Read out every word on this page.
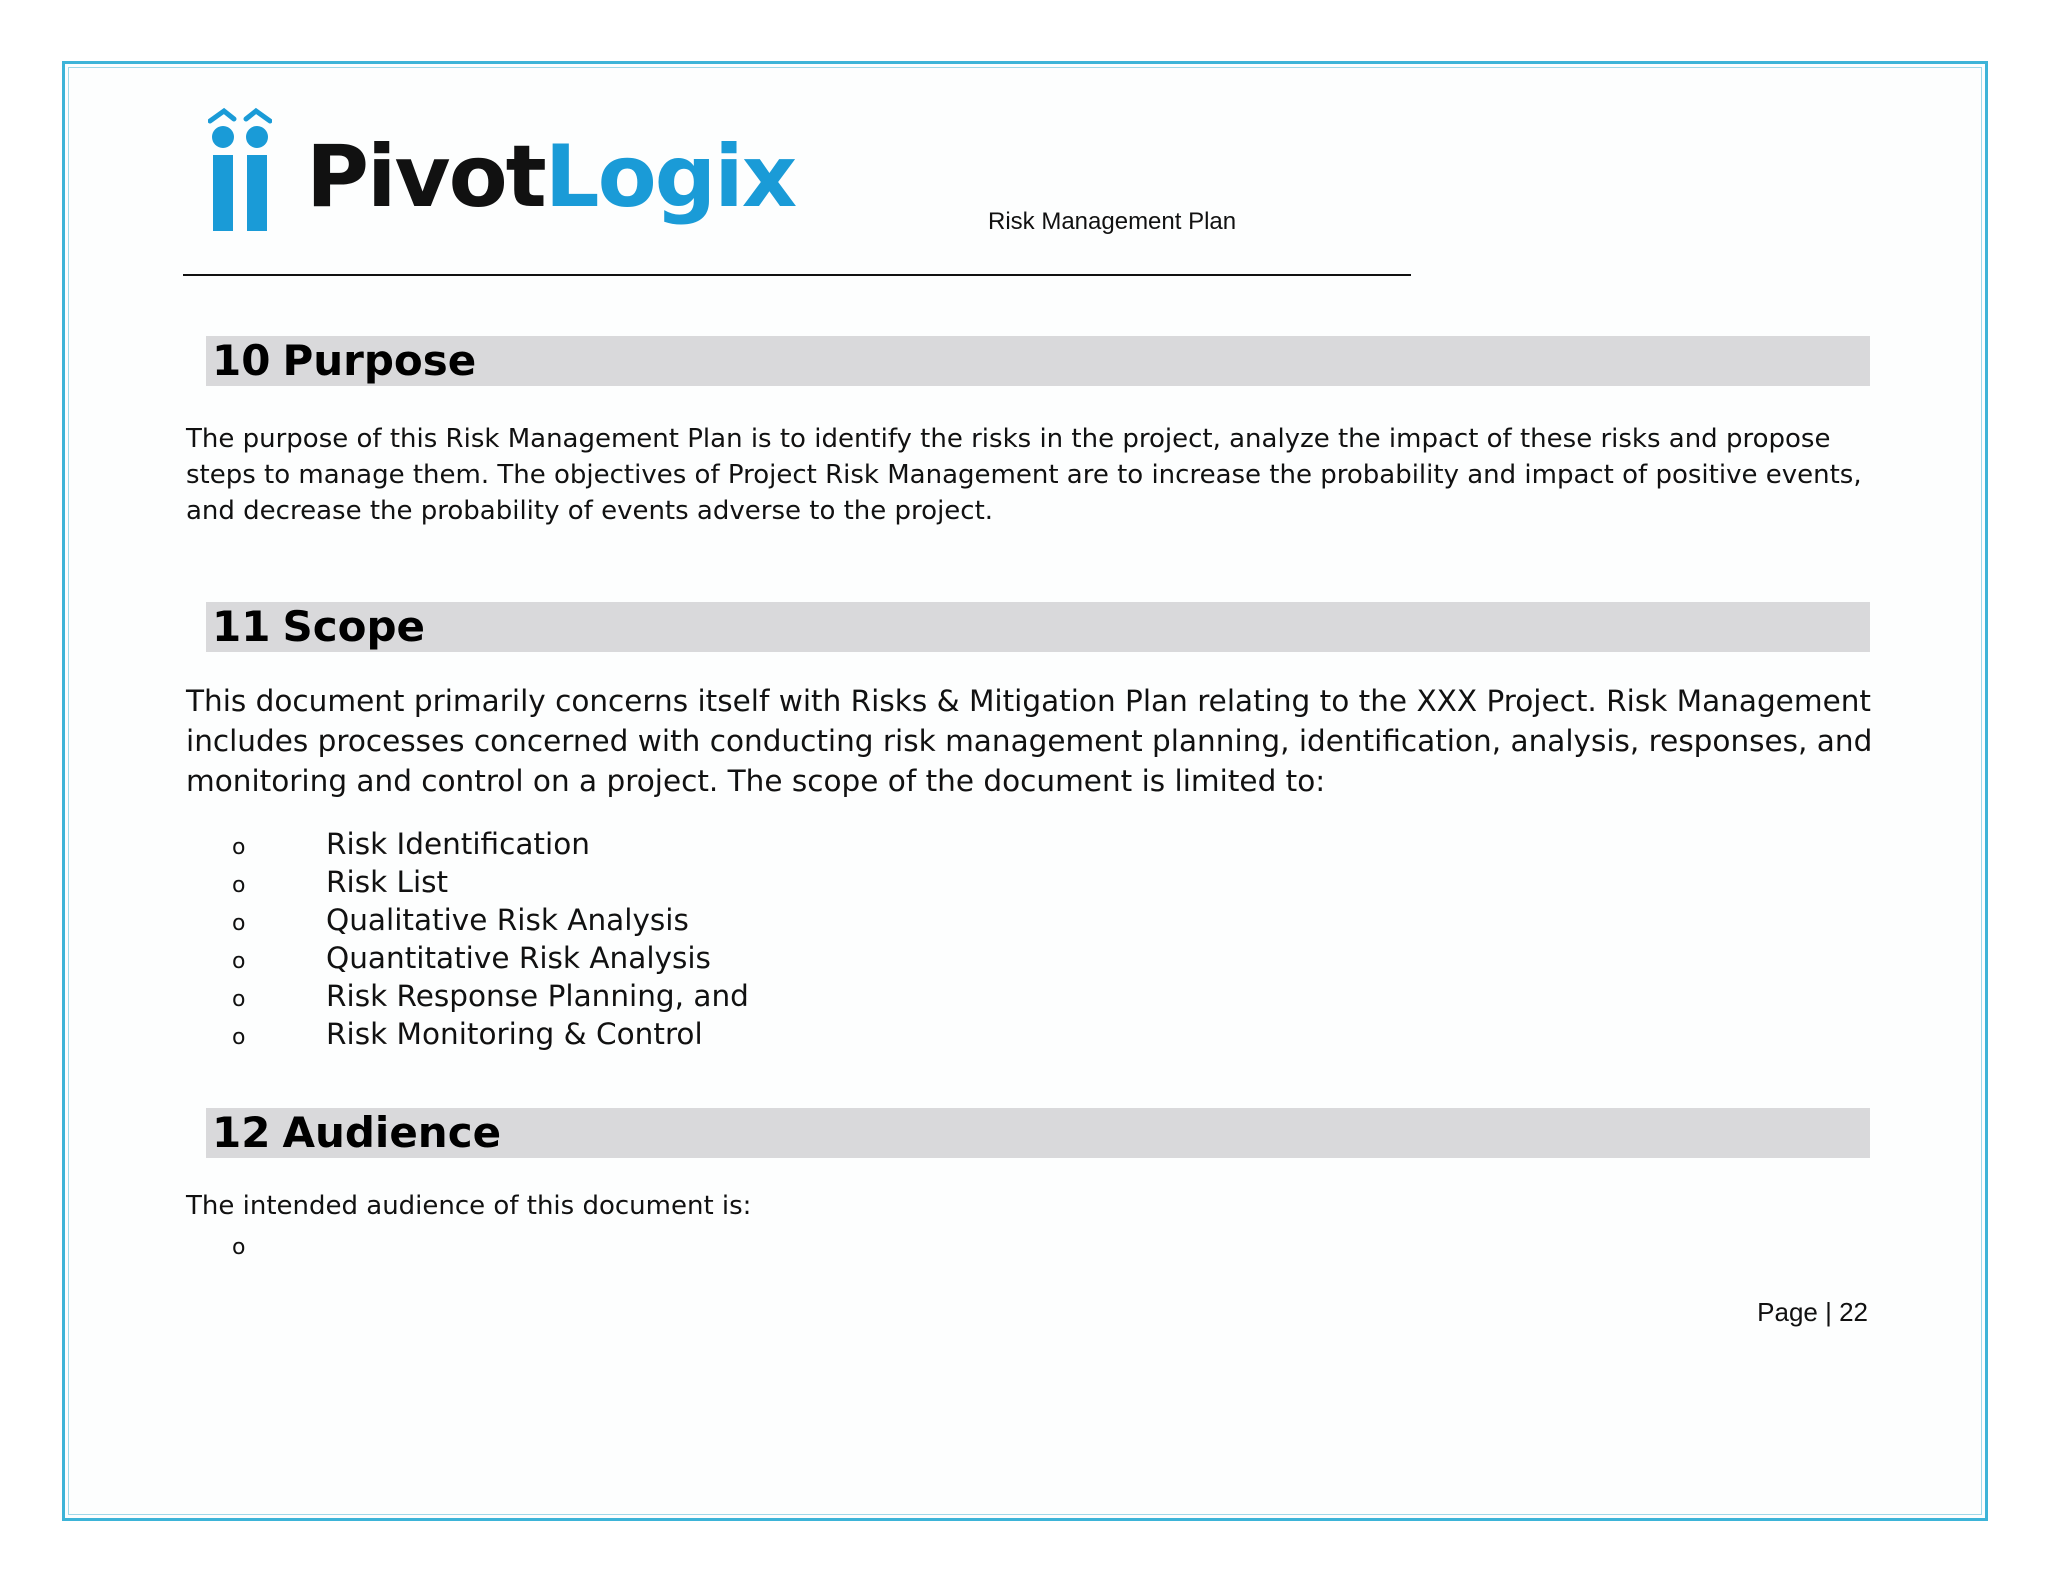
PivotLogix	Risk Management Plan
10 Purpose
The purpose of this Risk Management Plan is to identify the risks in the project, analyze the impact of these risks and propose
steps to manage them. The objectives of Project Risk Management are to increase the probability and impact of positive events,
and decrease the probability of events adverse to the project.
11 Scope
This document primarily concerns itself with Risks & Mitigation Plan relating to the XXX Project. Risk Management
includes processes concerned with conducting risk management planning, identification, analysis, responses, and
monitoring and control on a project. The scope of the document is limited to:
o	Risk Identification
o	Risk List
o	Qualitative Risk Analysis
o	Quantitative Risk Analysis
o	Risk Response Planning, and
o	Risk Monitoring & Control
12 Audience
The intended audience of this document is:
o
Page | 22
